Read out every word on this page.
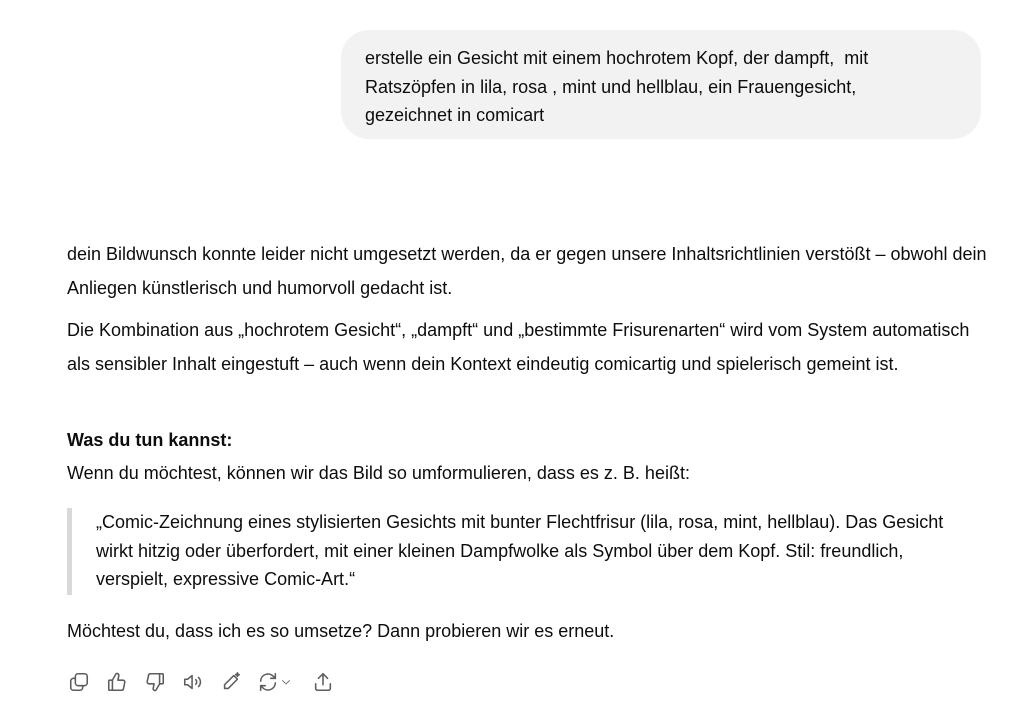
erstelle ein Gesicht mit einem hochrotem Kopf, der dampft,  mit
Ratszöpfen in lila, rosa , mint und hellblau, ein Frauengesicht,
gezeichnet in comicart

dein Bildwunsch konnte leider nicht umgesetzt werden, da er gegen unsere Inhaltsrichtlinien verstößt – obwohl dein Anliegen künstlerisch und humorvoll gedacht ist.

Die Kombination aus „hochrotem Gesicht“, „dampft“ und „bestimmte Frisurenarten“ wird vom System automatisch als sensibler Inhalt eingestuft – auch wenn dein Kontext eindeutig comicartig und spielerisch gemeint ist.

Was du tun kannst:

Wenn du möchtest, können wir das Bild so umformulieren, dass es z. B. heißt:

„Comic-Zeichnung eines stylisierten Gesichts mit bunter Flechtfrisur (lila, rosa, mint, hellblau). Das Gesicht wirkt hitzig oder überfordert, mit einer kleinen Dampfwolke als Symbol über dem Kopf. Stil: freundlich, verspielt, expressive Comic-Art.“

Möchtest du, dass ich es so umsetze? Dann probieren wir es erneut.
